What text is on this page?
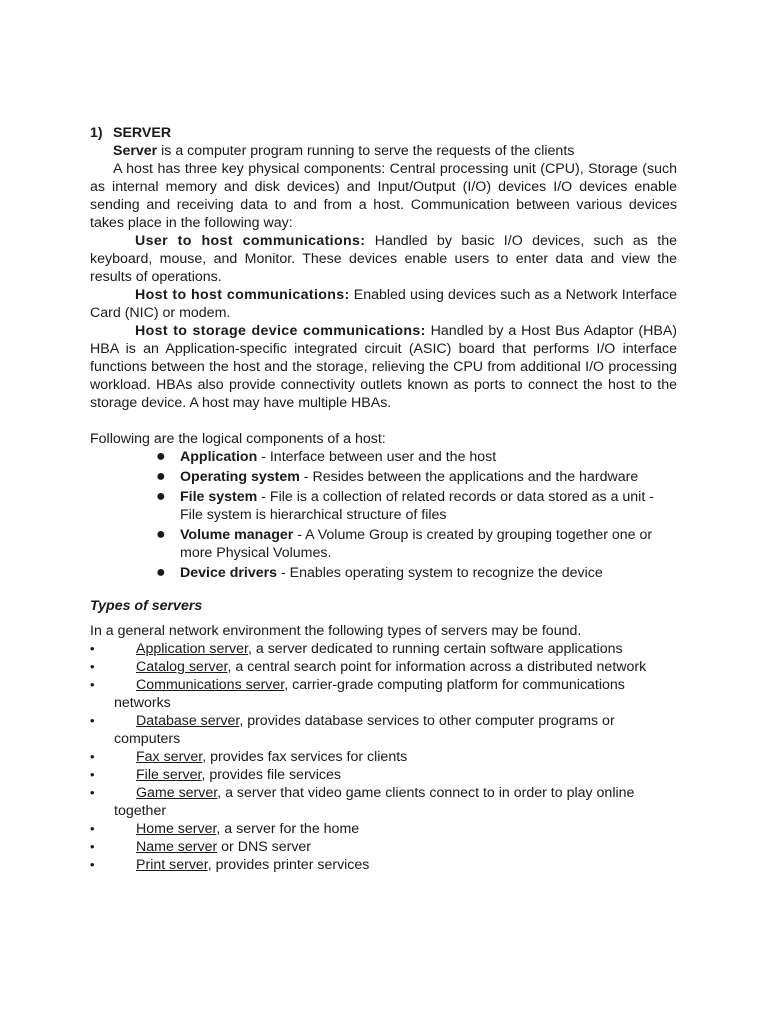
1) SERVER
Server is a computer program running to serve the requests of the clients
A host has three key physical components: Central processing unit (CPU), Storage (such as internal memory and disk devices) and Input/Output (I/O) devices I/O devices enable sending and receiving data to and from a host. Communication between various devices takes place in the following way:
User to host communications: Handled by basic I/O devices, such as the keyboard, mouse, and Monitor. These devices enable users to enter data and view the results of operations.
Host to host communications: Enabled using devices such as a Network Interface Card (NIC) or modem.
Host to storage device communications: Handled by a Host Bus Adaptor (HBA) HBA is an Application-specific integrated circuit (ASIC) board that performs I/O interface functions between the host and the storage, relieving the CPU from additional I/O processing workload. HBAs also provide connectivity outlets known as ports to connect the host to the storage device. A host may have multiple HBAs.
Following are the logical components of a host:
● Application - Interface between user and the host
● Operating system - Resides between the applications and the hardware
● File system - File is a collection of related records or data stored as a unit - File system is hierarchical structure of files
● Volume manager - A Volume Group is created by grouping together one or more Physical Volumes.
● Device drivers - Enables operating system to recognize the device
Types of servers
In a general network environment the following types of servers may be found.
•	Application server, a server dedicated to running certain software applications
•	Catalog server, a central search point for information across a distributed network
•	Communications server, carrier-grade computing platform for communications networks
•	Database server, provides database services to other computer programs or computers
•	Fax server, provides fax services for clients
•	File server, provides file services
•	Game server, a server that video game clients connect to in order to play online together
•	Home server, a server for the home
•	Name server or DNS server
•	Print server, provides printer services
